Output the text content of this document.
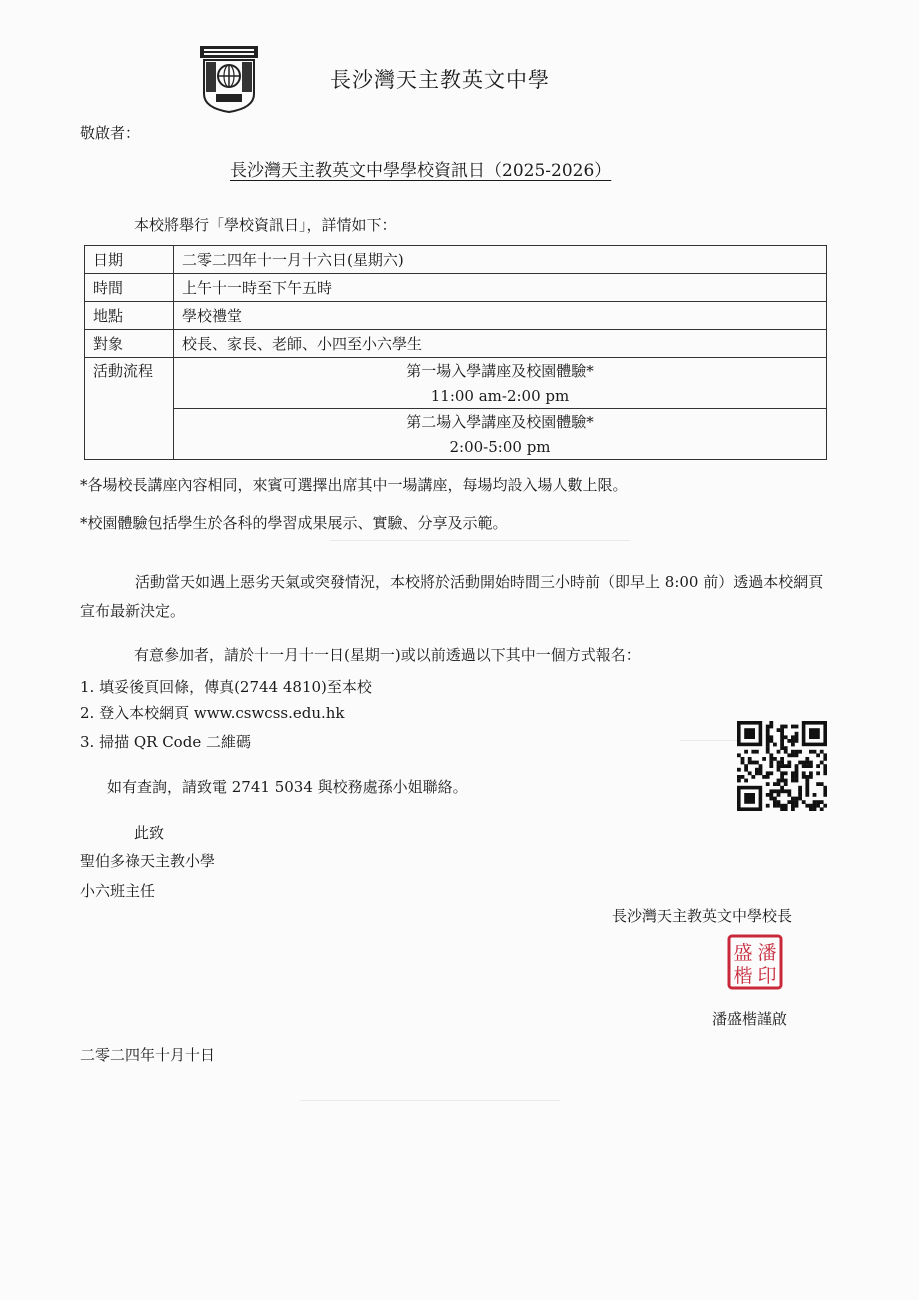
長沙灣天主教英文中學
敬啟者：
長沙灣天主教英文中學學校資訊日（2025-2026）
本校將舉行「學校資訊日」，詳情如下：
日期	二零二四年十一月十六日(星期六)
時間	上午十一時至下午五時
地點	學校禮堂
對象	校長、家長、老師、小四至小六學生
活動流程	第一場入學講座及校園體驗*
	11:00 am-2:00 pm
	第二場入學講座及校園體驗*
	2:00-5:00 pm
*各場校長講座內容相同，來賓可選擇出席其中一場講座，每場均設入場人數上限。
*校園體驗包括學生於各科的學習成果展示、實驗、分享及示範。
活動當天如遇上惡劣天氣或突發情況，本校將於活動開始時間三小時前（即早上 8:00 前）透過本校網頁宣布最新決定。
有意參加者，請於十一月十一日(星期一)或以前透過以下其中一個方式報名：
1. 填妥後頁回條，傳真(2744 4810)至本校
2. 登入本校網頁 www.cswcss.edu.hk
3. 掃描 QR Code 二維碼
如有查詢，請致電 2741 5034 與校務處孫小姐聯絡。
此致
聖伯多祿天主教小學
小六班主任
長沙灣天主教英文中學校長
潘
盛
楷 印
潘盛楷謹啟
二零二四年十月十日
